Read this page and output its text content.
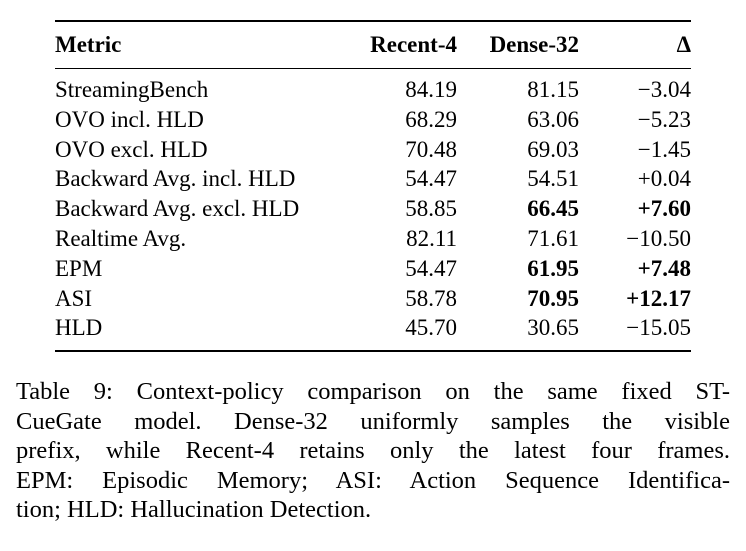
Metric	Recent-4	Dense-32	Δ

StreamingBench	84.19	81.15	−3.04
OVO incl. HLD	68.29	63.06	−5.23
OVO excl. HLD	70.48	69.03	−1.45
Backward Avg. incl. HLD	54.47	54.51	+0.04
Backward Avg. excl. HLD	58.85	66.45	+7.60
Realtime Avg.	82.11	71.61	−10.50
EPM	54.47	61.95	+7.48
ASI	58.78	70.95	+12.17
HLD	45.70	30.65	−15.05
Table 9: Context-policy comparison on the same fixed ST-
CueGate model. Dense-32 uniformly samples the visible
prefix, while Recent-4 retains only the latest four frames.
EPM: Episodic Memory; ASI: Action Sequence Identifica-
tion; HLD: Hallucination Detection.
